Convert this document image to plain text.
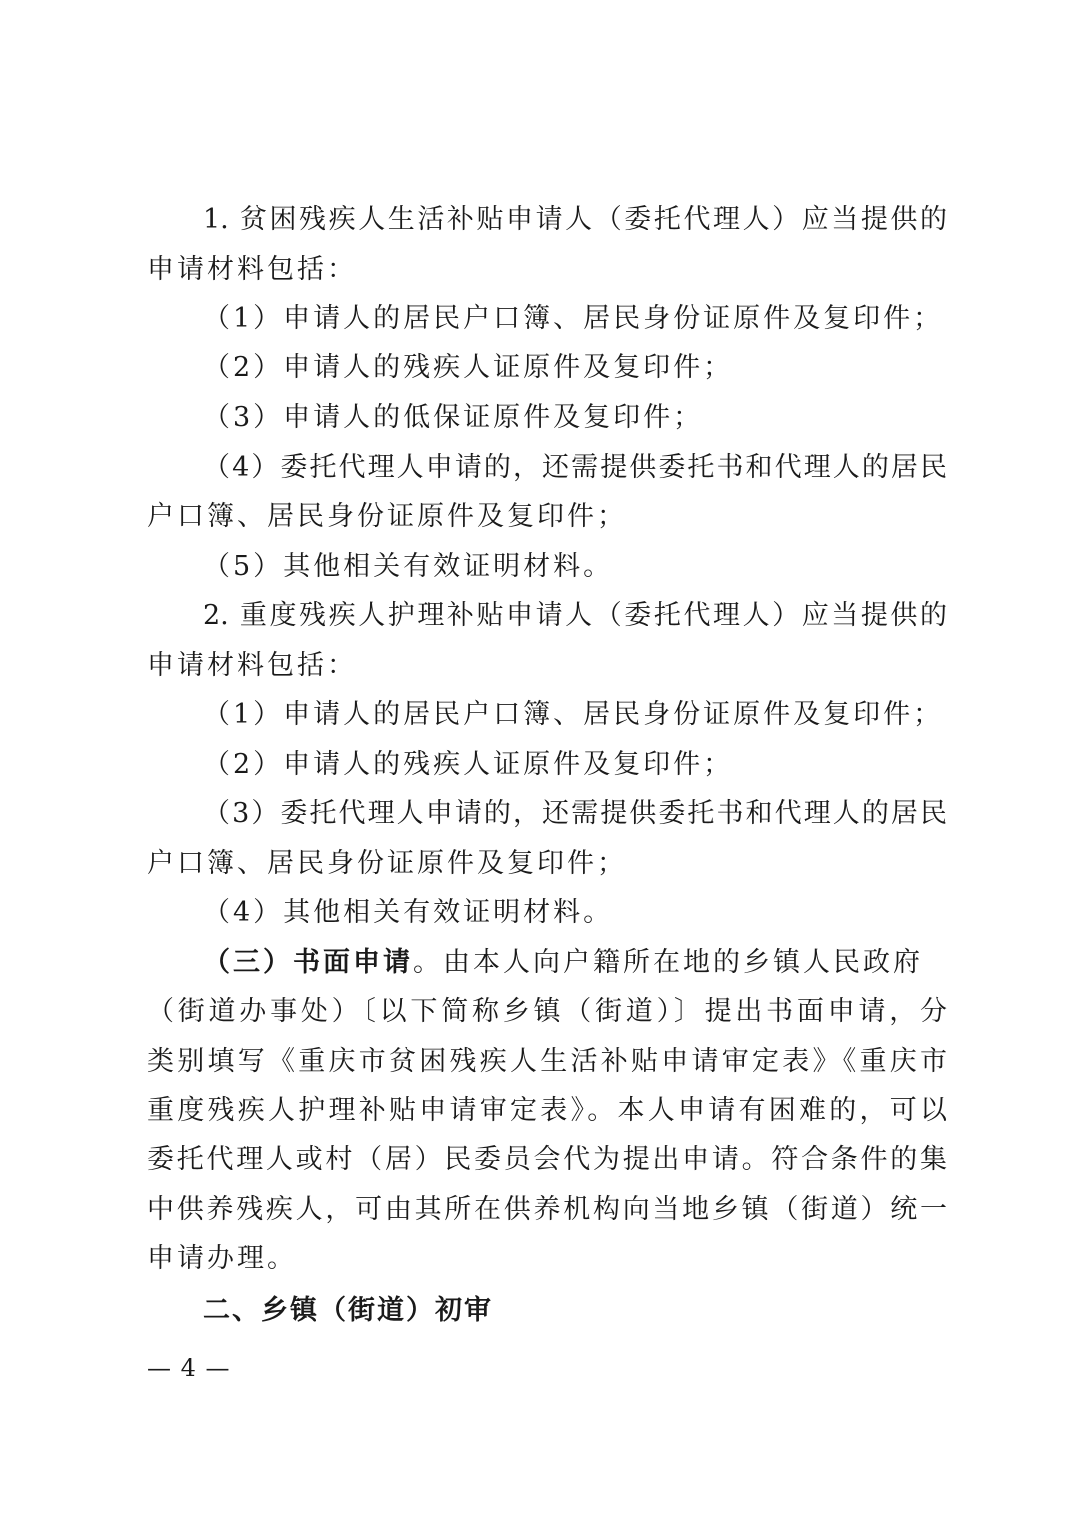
1. 贫困残疾人生活补贴申请人（委托代理人）应当提供的
申请材料包括：
（1）申请人的居民户口簿、居民身份证原件及复印件；
（2）申请人的残疾人证原件及复印件；
（3）申请人的低保证原件及复印件；
（4）委托代理人申请的，还需提供委托书和代理人的居民
户口簿、居民身份证原件及复印件；
（5）其他相关有效证明材料。
2. 重度残疾人护理补贴申请人（委托代理人）应当提供的
申请材料包括：
（1）申请人的居民户口簿、居民身份证原件及复印件；
（2）申请人的残疾人证原件及复印件；
（3）委托代理人申请的，还需提供委托书和代理人的居民
户口簿、居民身份证原件及复印件；
（4）其他相关有效证明材料。
（三）书面申请。由本人向户籍所在地的乡镇人民政府
（街道办事处）〔以下简称乡镇（街道）〕提出书面申请，分
类别填写《重庆市贫困残疾人生活补贴申请审定表》《重庆市
重度残疾人护理补贴申请审定表》。本人申请有困难的，可以
委托代理人或村（居）民委员会代为提出申请。符合条件的集
中供养残疾人，可由其所在供养机构向当地乡镇（街道）统一
申请办理。
二、乡镇（街道）初审
— 4 —
